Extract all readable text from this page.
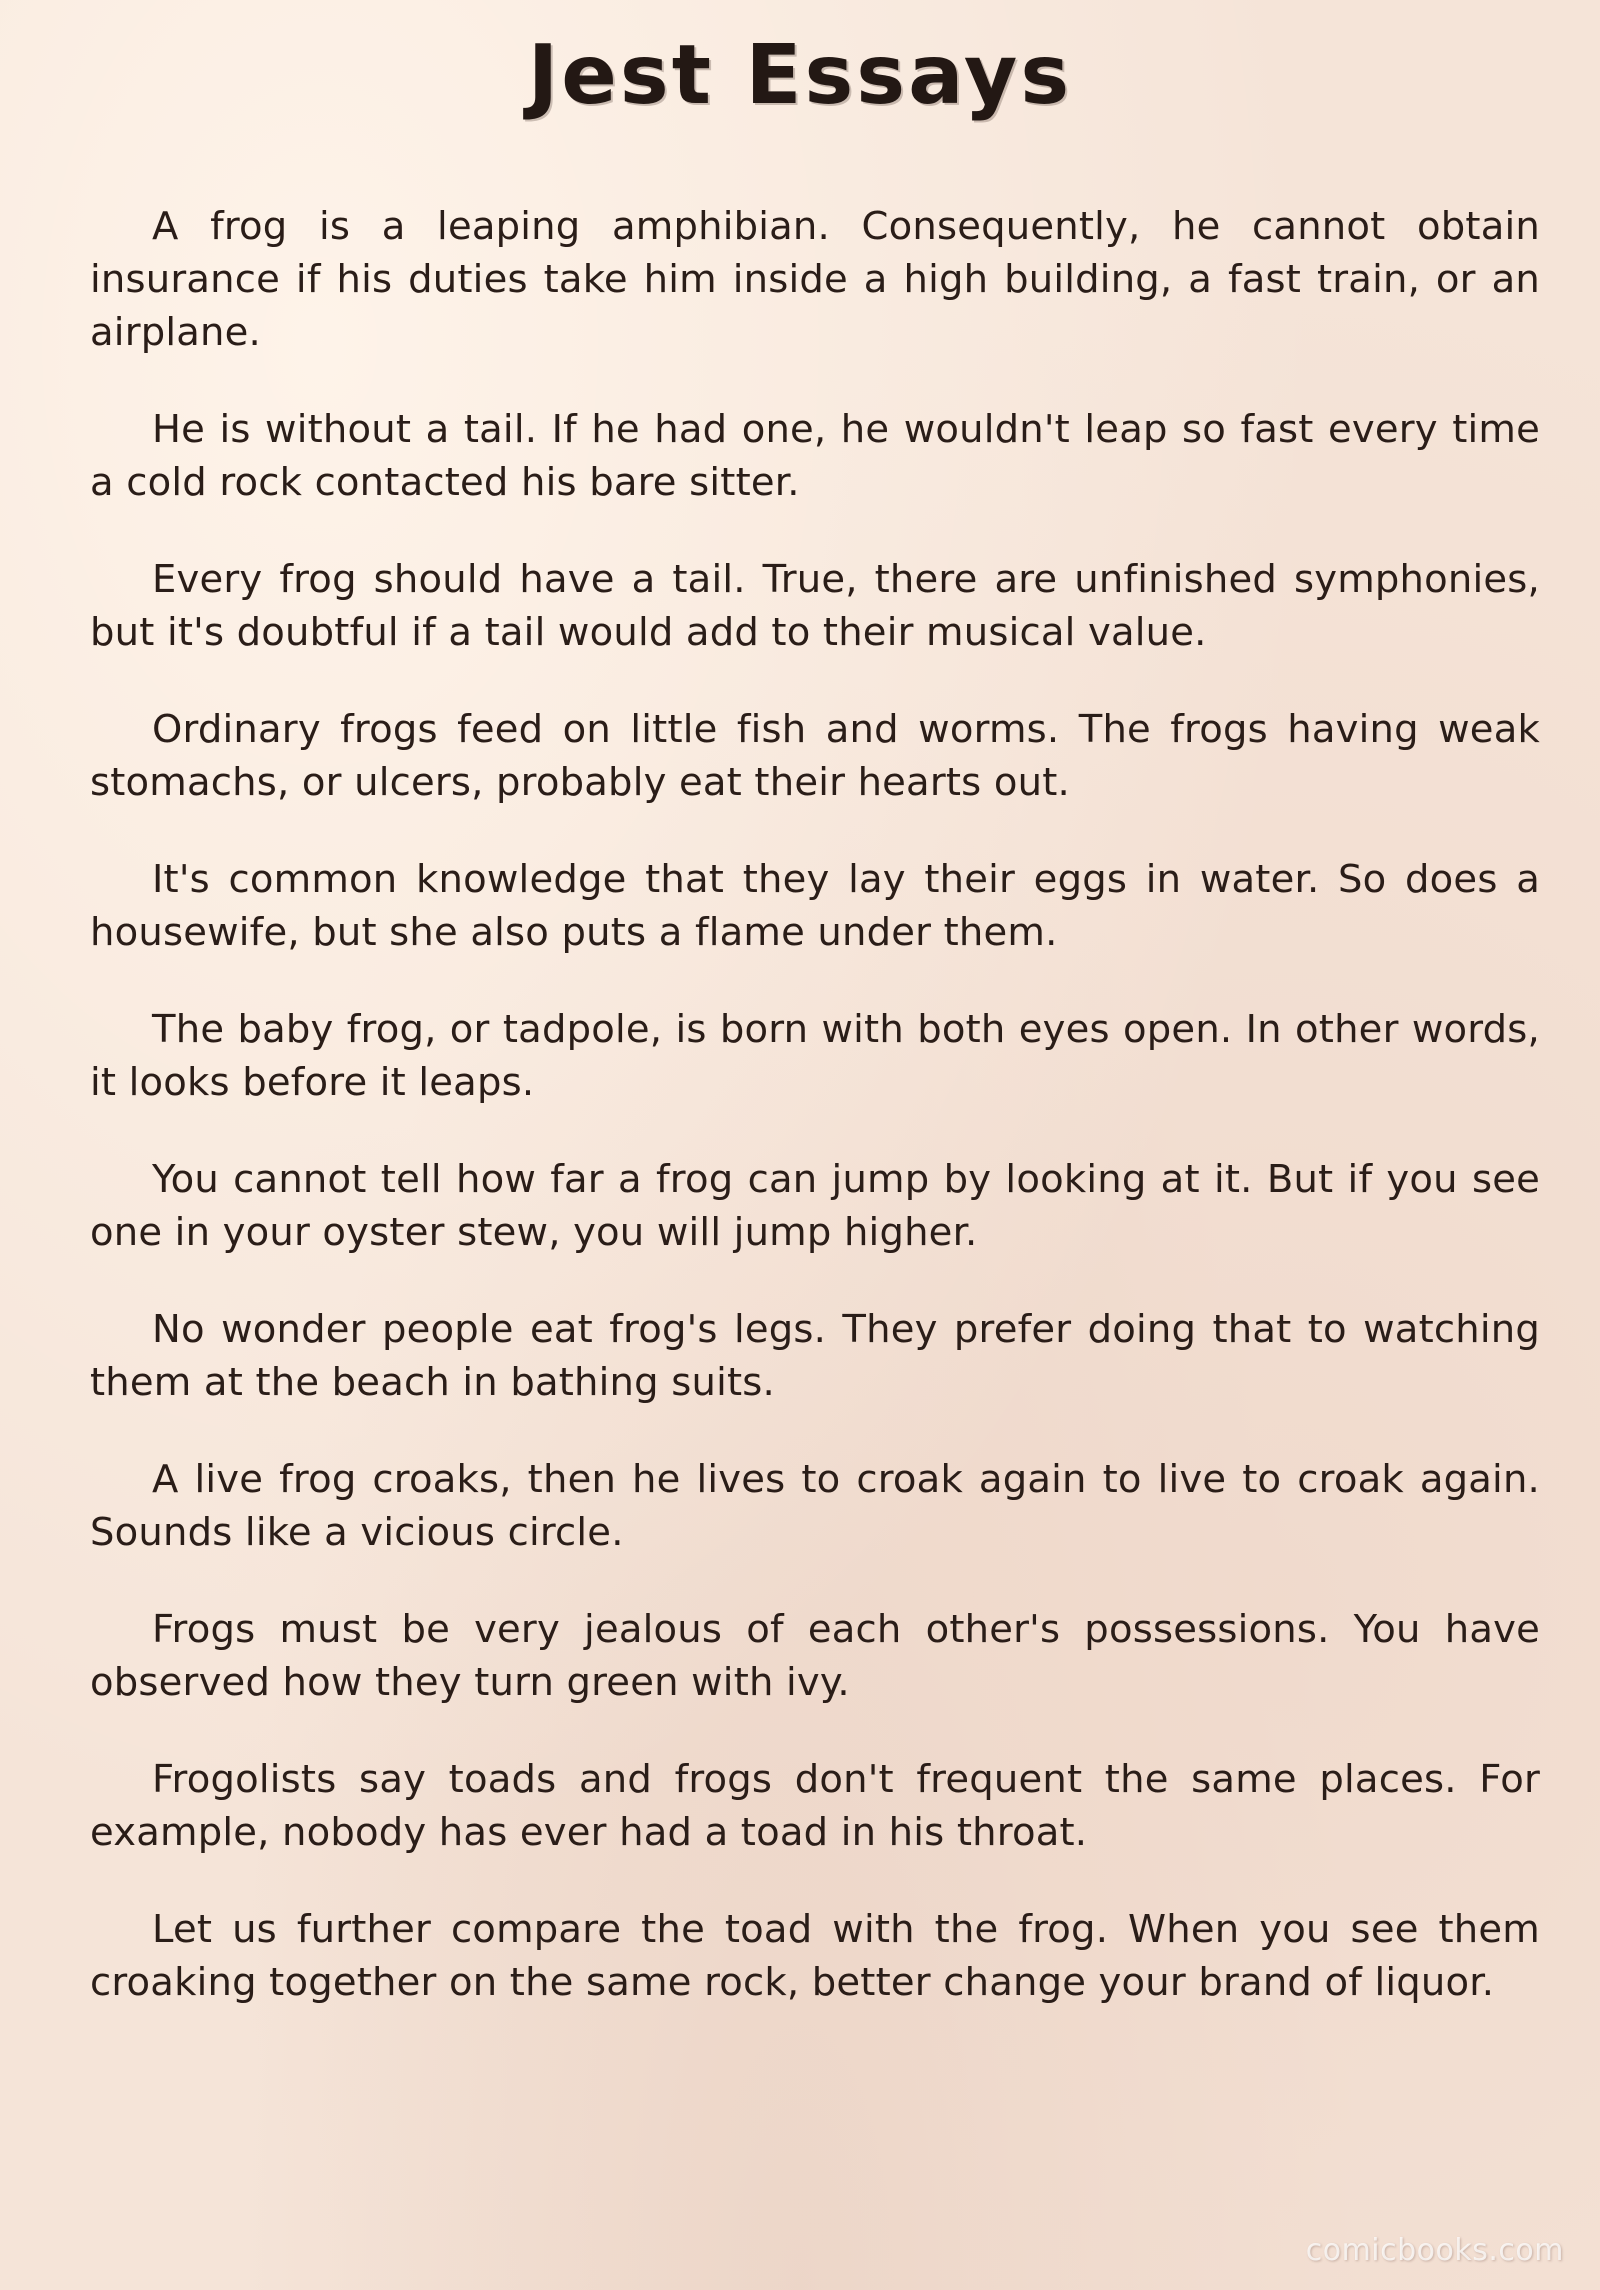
Jest Essays

A frog is a leaping amphibian. Consequently, he cannot obtain insurance if his duties take him inside a high building, a fast train, or an airplane.

He is without a tail. If he had one, he wouldn't leap so fast every time a cold rock contacted his bare sitter.

Every frog should have a tail. True, there are unfinished symphonies, but it's doubtful if a tail would add to their musical value.

Ordinary frogs feed on little fish and worms. The frogs having weak stomachs, or ulcers, probably eat their hearts out.

It's common knowledge that they lay their eggs in water. So does a housewife, but she also puts a flame under them.

The baby frog, or tadpole, is born with both eyes open. In other words, it looks before it leaps.

You cannot tell how far a frog can jump by looking at it. But if you see one in your oyster stew, you will jump higher.

No wonder people eat frog's legs. They prefer doing that to watching them at the beach in bathing suits.

A live frog croaks, then he lives to croak again to live to croak again. Sounds like a vicious circle.

Frogs must be very jealous of each other's possessions. You have observed how they turn green with ivy.

Frogolists say toads and frogs don't frequent the same places. For example, nobody has ever had a toad in his throat.

Let us further compare the toad with the frog. When you see them croaking together on the same rock, better change your brand of liquor.

comicbooks.com
